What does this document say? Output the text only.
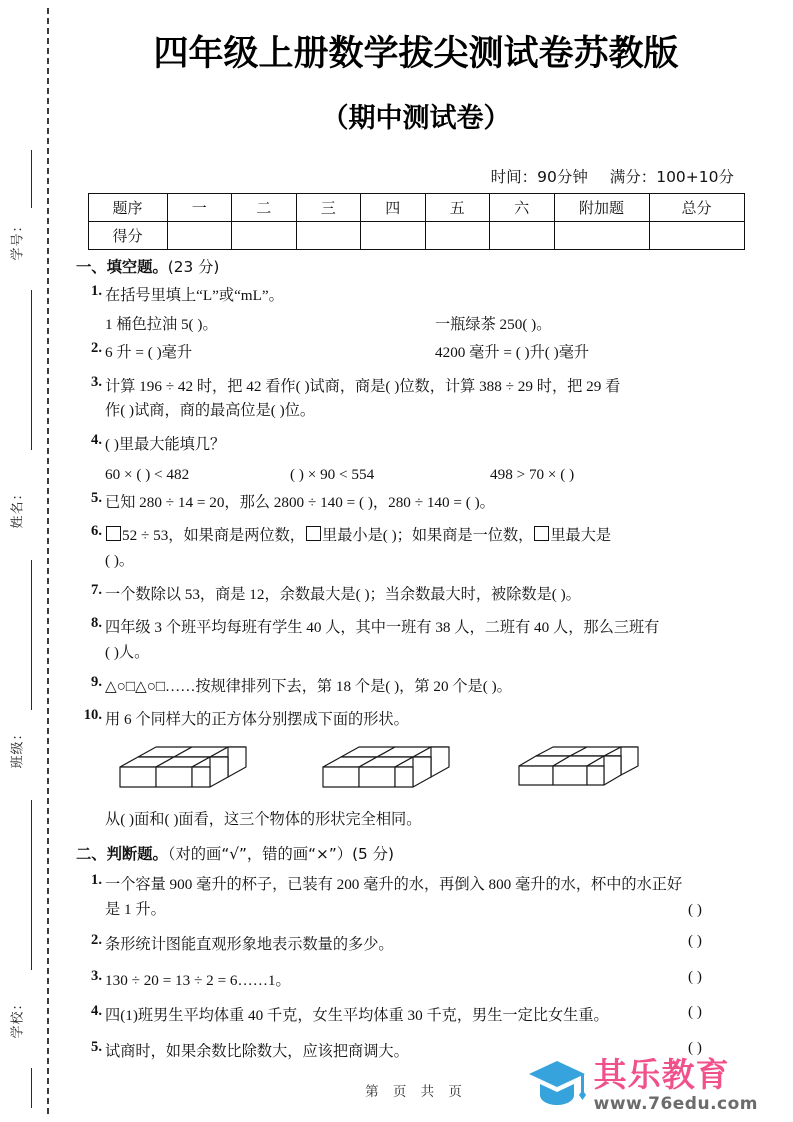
学号：
姓名：
班级：
学校：
四年级上册数学拔尖测试卷苏教版
（期中测试卷）
时间：90分钟 满分：100+10分
题序	一	二	三	四	五	六	附加题	总分
得分								
一、填空题。(23 分)
1. 在括号里填上“L”或“mL”。
1 桶色拉油 5( )。	一瓶绿茶 250( )。
2. 6 升 = ( )毫升	4200 毫升 = ( )升( )毫升
3. 计算 196 ÷ 42 时，把 42 看作( )试商，商是( )位数，计算 388 ÷ 29 时，把 29 看
作( )试商，商的最高位是( )位。
4. ( )里最大能填几？
60 × ( ) < 482	( ) × 90 < 554	498 > 70 × ( )
5. 已知 280 ÷ 14 = 20，那么 2800 ÷ 140 = ( )，280 ÷ 140 = ( )。
6.	52 ÷ 53，如果商是两位数， 里最小是( )；如果商是一位数， 里最大是
( )。
7. 一个数除以 53，商是 12，余数最大是( )；当余数最大时，被除数是( )。
8. 四年级 3 个班平均每班有学生 40 人，其中一班有 38 人，二班有 40 人，那么三班有
( )人。
9. △○□△○□……按规律排列下去，第 18 个是( )，第 20 个是( )。
10. 用 6 个同样大的正方体分别摆成下面的形状。
从( )面和( )面看，这三个物体的形状完全相同。
二、判断题。（对的画“√”，错的画“×”）(5 分)
1. 一个容量 900 毫升的杯子，已装有 200 毫升的水，再倒入 800 毫升的水，杯中的水正好
是 1 升。	( )
2. 条形统计图能直观形象地表示数量的多少。	( )
3. 130 ÷ 20 = 13 ÷ 2 = 6……1。	( )
4. 四(1)班男生平均体重 40 千克，女生平均体重 30 千克，男生一定比女生重。	( )
5. 试商时，如果余数比除数大，应该把商调大。	( )
第 页 共 页	其乐教育
www.76edu.com
